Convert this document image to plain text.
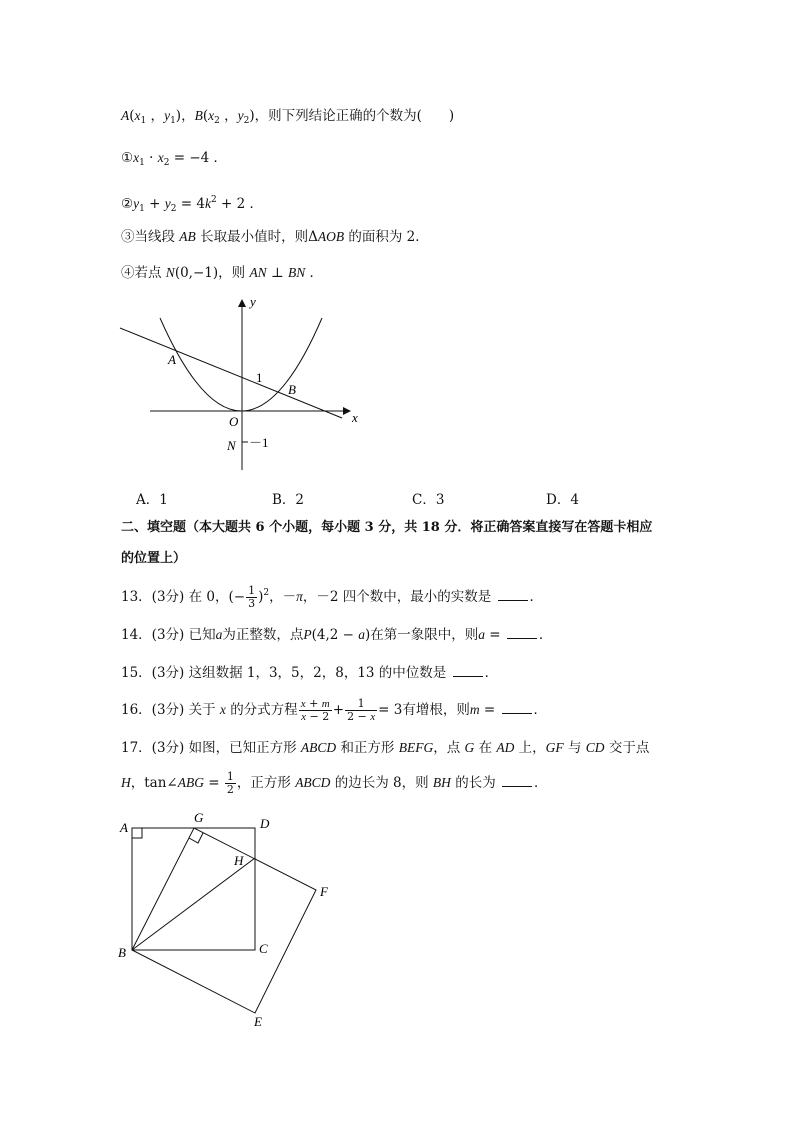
$A(x_1$ ，$y_1$)，$B(x_2$ ，$y_2$)，则下列结论正确的个数为(　　)
$①x_1 \cdot x_2 = -4$ ．
$②y_1 + y_2 = 4k^2 + 2$ ．
③当线段 AB 长取最小值时，则ΔAOB 的面积为 2．
④若点 N(0,−1)，则 AN ⊥ BN ．
y
x
O
A
B
N
1
－1
A．1	B．2	C．3	D．4
二、填空题（本大题共 6 个小题，每小题 3 分，共 18 分．将正确答案直接写在答题卡相应
的位置上）
13．(3分) 在 0，(− $\frac{1}{3} )^2$，－π，－2 四个数中，最小的实数是	．
14．(3分) 已知a为正整数，点P(4,2 − a)在第一象限中，则a =	．
15．(3分) 这组数据 1，3，5，2，8，13 的中位数是	．
16．(3分) 关于 x 的分式方程 $\frac{x + m}{x - 2} + \frac{1}{2 - x} = 3$有增根，则m =	．
17．(3分) 如图，已知正方形 ABCD 和正方形 BEFG，点 G 在 AD 上，GF 与 CD 交于点
H，tan∠ABG = $\frac{1}{2}$ ，正方形 ABCD 的边长为 8，则 BH 的长为	．
A
G	D
H
F
B	C
E
